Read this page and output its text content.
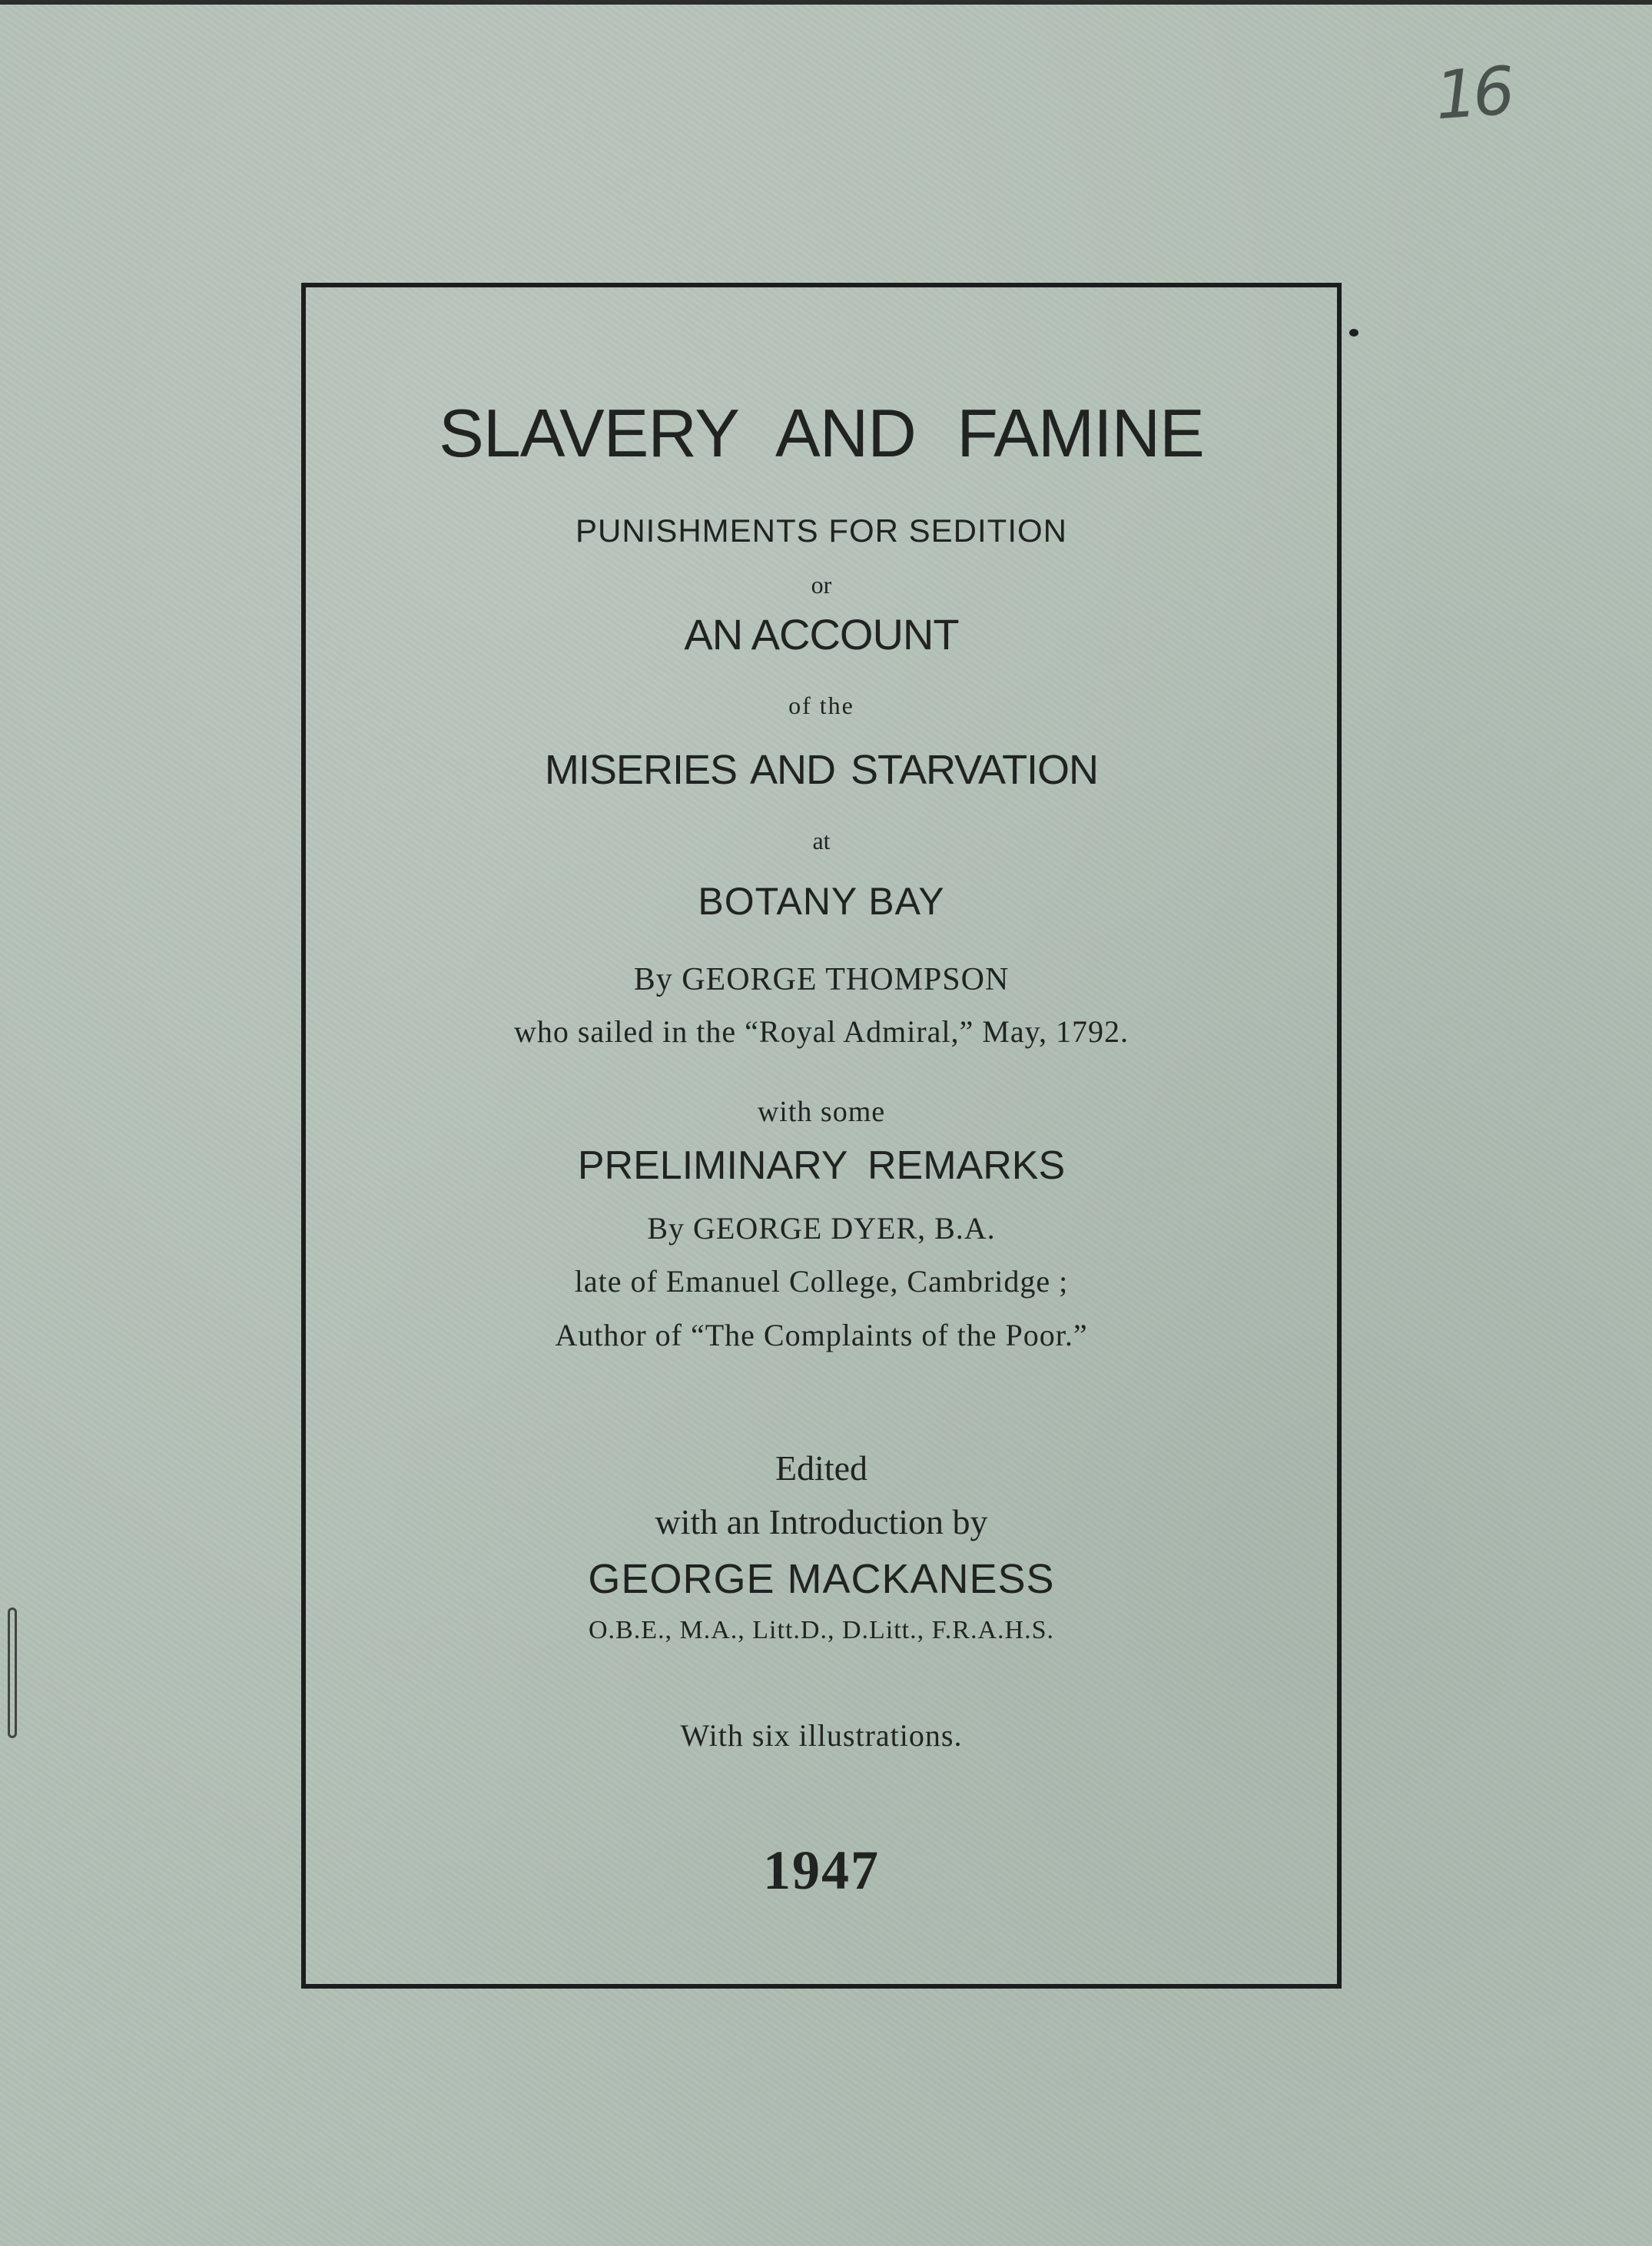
16
SLAVERY AND FAMINE
PUNISHMENTS FOR SEDITION
or
AN ACCOUNT
of the
MISERIES AND STARVATION
at
BOTANY BAY
By GEORGE THOMPSON
who sailed in the “Royal Admiral,” May, 1792.
with some
PRELIMINARY REMARKS
By GEORGE DYER, B.A.
late of Emanuel College, Cambridge ;
Author of “The Complaints of the Poor.”
Edited
with an Introduction by
GEORGE MACKANESS
O.B.E., M.A., Litt.D., D.Litt., F.R.A.H.S.
With six illustrations.
1947
